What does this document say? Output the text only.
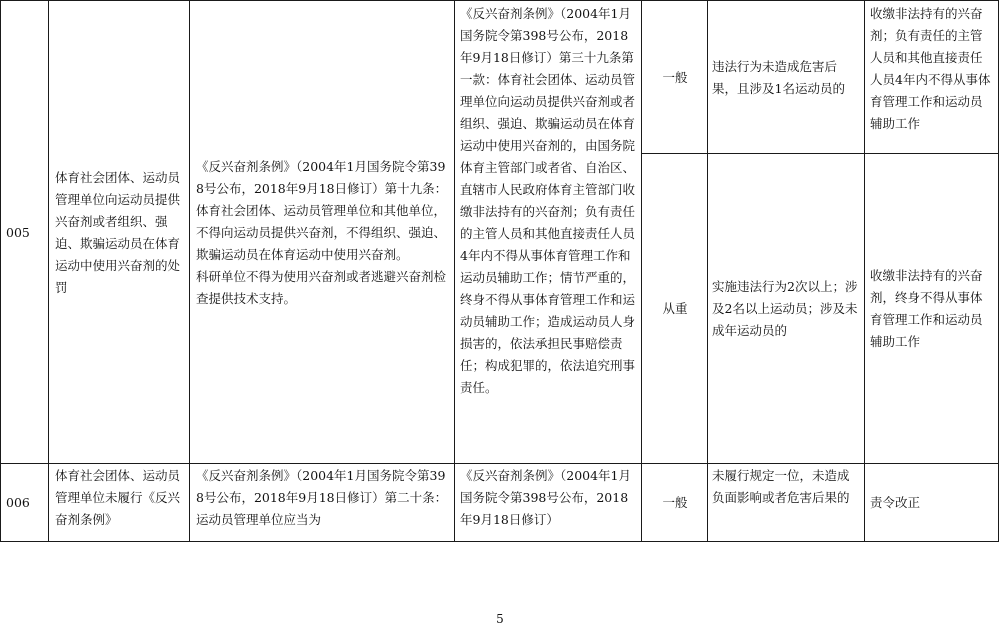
005
体育社会团体、运动员管理单位向运动员提供兴奋剂或者组织、强迫、欺骗运动员在体育运动中使用兴奋剂的处罚
《反兴奋剂条例》（2004年1月国务院令第398号公布，2018年9月18日修订）第十九条：体育社会团体、运动员管理单位和其他单位，不得向运动员提供兴奋剂，不得组织、强迫、欺骗运动员在体育运动中使用兴奋剂。
科研单位不得为使用兴奋剂或者逃避兴奋剂检查提供技术支持。
《反兴奋剂条例》（2004年1月国务院令第398号公布，2018年9月18日修订）第三十九条第一款：体育社会团体、运动员管理单位向运动员提供兴奋剂或者组织、强迫、欺骗运动员在体育运动中使用兴奋剂的，由国务院体育主管部门或者省、自治区、直辖市人民政府体育主管部门收缴非法持有的兴奋剂；负有责任的主管人员和其他直接责任人员4年内不得从事体育管理工作和运动员辅助工作；情节严重的，终身不得从事体育管理工作和运动员辅助工作；造成运动员人身损害的，依法承担民事赔偿责任；构成犯罪的，依法追究刑事责任。
一般
违法行为未造成危害后果，且涉及1名运动员的
收缴非法持有的兴奋剂；负有责任的主管人员和其他直接责任人员4年内不得从事体育管理工作和运动员辅助工作
从重
实施违法行为2次以上；涉及2名以上运动员；涉及未成年运动员的
收缴非法持有的兴奋剂，终身不得从事体育管理工作和运动员辅助工作
006
体育社会团体、运动员管理单位未履行《反兴奋剂条例》
《反兴奋剂条例》（2004年1月国务院令第398号公布，2018年9月18日修订）第二十条：运动员管理单位应当为
《反兴奋剂条例》（2004年1月国务院令第398号公布，2018年9月18日修订）
一般
未履行规定一位，未造成负面影响或者危害后果的	责令改正
5
